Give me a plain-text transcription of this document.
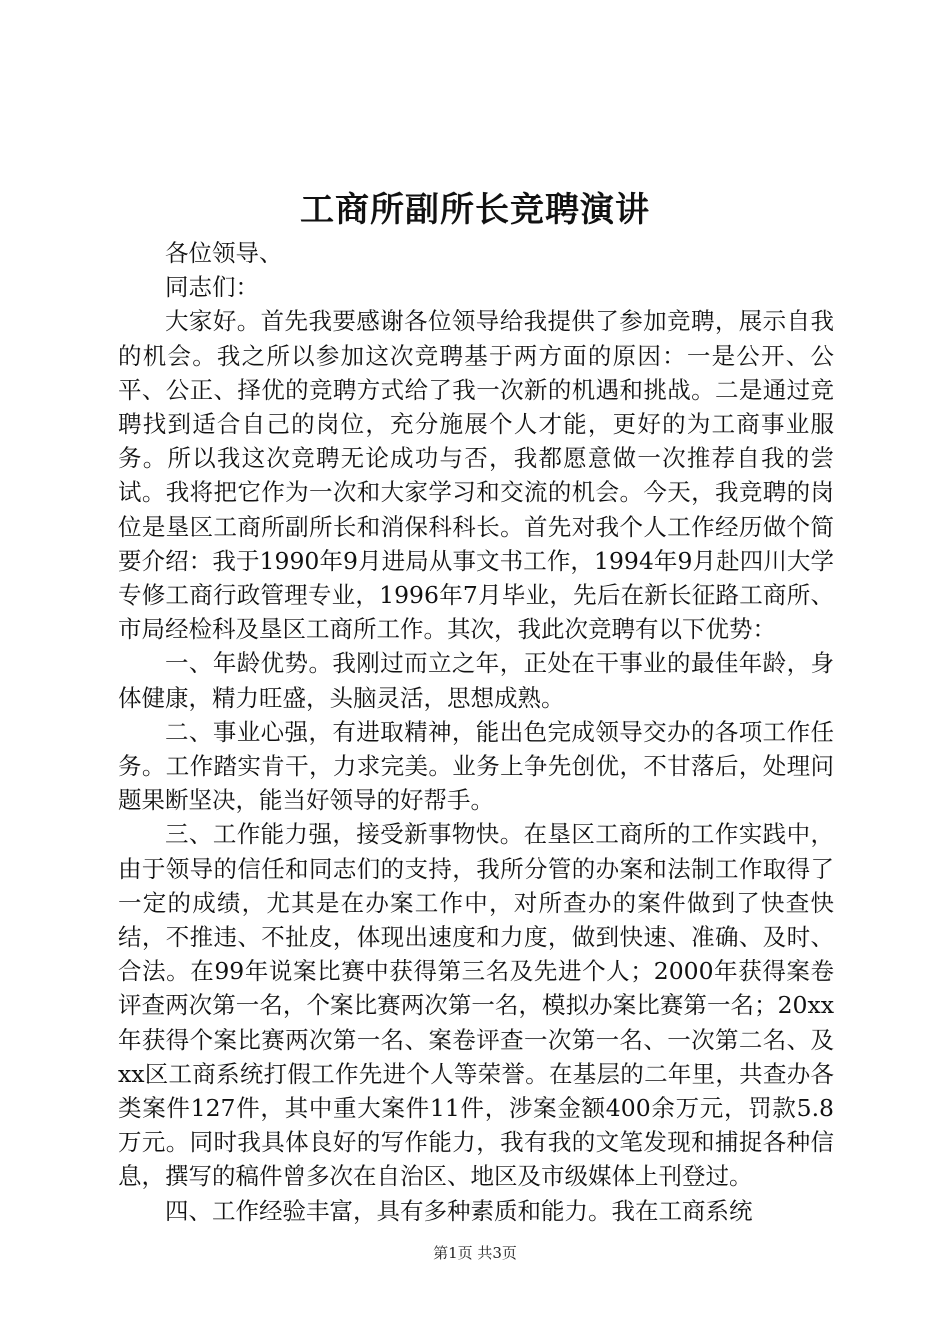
工商所副所长竞聘演讲

各位领导、

同志们：

大家好。首先我要感谢各位领导给我提供了参加竞聘，展示自我的机会。我之所以参加这次竞聘基于两方面的原因：一是公开、公平、公正、择优的竞聘方式给了我一次新的机遇和挑战。二是通过竞聘找到适合自己的岗位，充分施展个人才能，更好的为工商事业服务。所以我这次竞聘无论成功与否，我都愿意做一次推荐自我的尝试。我将把它作为一次和大家学习和交流的机会。今天，我竞聘的岗位是垦区工商所副所长和消保科科长。首先对我个人工作经历做个简要介绍：我于1990年9月进局从事文书工作，1994年9月赴四川大学专修工商行政管理专业，1996年7月毕业，先后在新长征路工商所、市局经检科及垦区工商所工作。其次，我此次竞聘有以下优势：

一、年龄优势。我刚过而立之年，正处在干事业的最佳年龄，身体健康，精力旺盛，头脑灵活，思想成熟。

二、事业心强，有进取精神，能出色完成领导交办的各项工作任务。工作踏实肯干，力求完美。业务上争先创优，不甘落后，处理问题果断坚决，能当好领导的好帮手。

三、工作能力强，接受新事物快。在垦区工商所的工作实践中，由于领导的信任和同志们的支持，我所分管的办案和法制工作取得了一定的成绩，尤其是在办案工作中，对所查办的案件做到了快查快结，不推违、不扯皮，体现出速度和力度，做到快速、准确、及时、合法。在99年说案比赛中获得第三名及先进个人；2000年获得案卷评查两次第一名，个案比赛两次第一名，模拟办案比赛第一名；20xx年获得个案比赛两次第一名、案卷评查一次第一名、一次第二名、及xx区工商系统打假工作先进个人等荣誉。在基层的二年里，共查办各类案件127件，其中重大案件11件，涉案金额400余万元，罚款5.8万元。同时我具体良好的写作能力，我有我的文笔发现和捕捉各种信息，撰写的稿件曾多次在自治区、地区及市级媒体上刊登过。

四、工作经验丰富，具有多种素质和能力。我在工商系统

第1页 共3页
